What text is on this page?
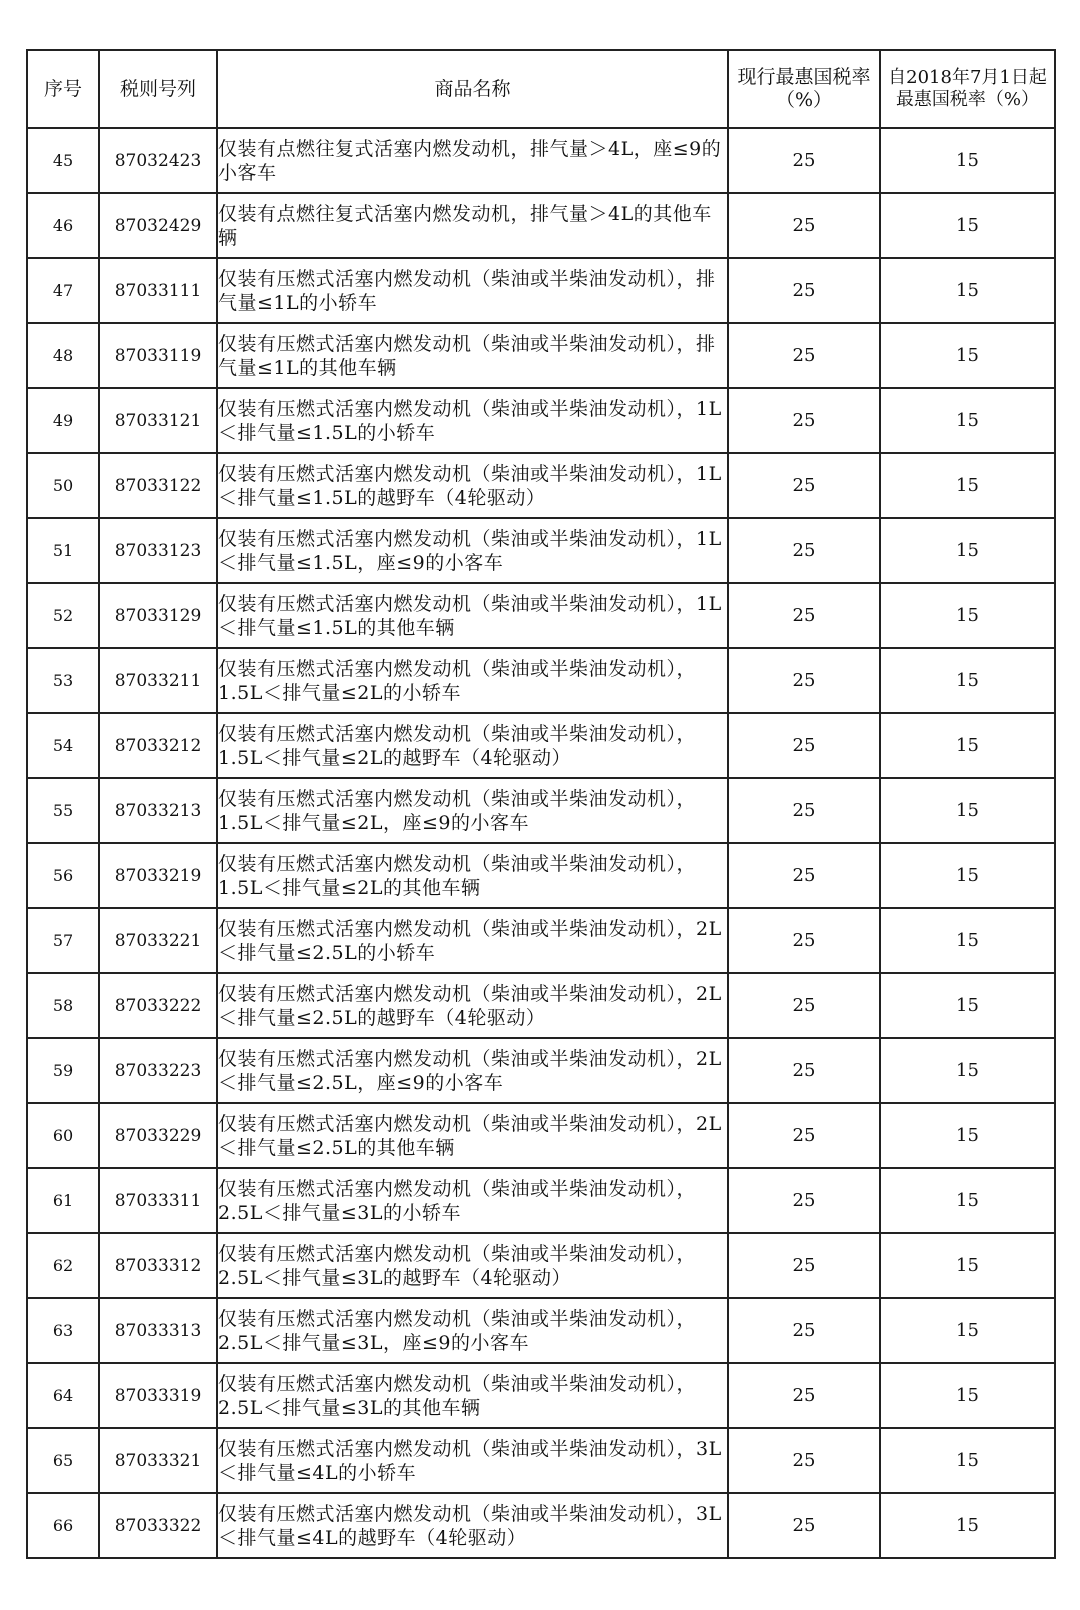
序号	税则号列	商品名称	现行最惠国税率（%）	自2018年7月1日起最惠国税率（%）
45	87032423	仅装有点燃往复式活塞内燃发动机，排气量＞4L，座≤9的小客车	25	15
46	87032429	仅装有点燃往复式活塞内燃发动机，排气量＞4L的其他车辆	25	15
47	87033111	仅装有压燃式活塞内燃发动机（柴油或半柴油发动机），排气量≤1L的小轿车	25	15
48	87033119	仅装有压燃式活塞内燃发动机（柴油或半柴油发动机），排气量≤1L的其他车辆	25	15
49	87033121	仅装有压燃式活塞内燃发动机（柴油或半柴油发动机），1L＜排气量≤1.5L的小轿车	25	15
50	87033122	仅装有压燃式活塞内燃发动机（柴油或半柴油发动机），1L＜排气量≤1.5L的越野车（4轮驱动）	25	15
51	87033123	仅装有压燃式活塞内燃发动机（柴油或半柴油发动机），1L＜排气量≤1.5L，座≤9的小客车	25	15
52	87033129	仅装有压燃式活塞内燃发动机（柴油或半柴油发动机），1L＜排气量≤1.5L的其他车辆	25	15
53	87033211	仅装有压燃式活塞内燃发动机（柴油或半柴油发动机），1.5L＜排气量≤2L的小轿车	25	15
54	87033212	仅装有压燃式活塞内燃发动机（柴油或半柴油发动机），1.5L＜排气量≤2L的越野车（4轮驱动）	25	15
55	87033213	仅装有压燃式活塞内燃发动机（柴油或半柴油发动机），1.5L＜排气量≤2L，座≤9的小客车	25	15
56	87033219	仅装有压燃式活塞内燃发动机（柴油或半柴油发动机），1.5L＜排气量≤2L的其他车辆	25	15
57	87033221	仅装有压燃式活塞内燃发动机（柴油或半柴油发动机），2L＜排气量≤2.5L的小轿车	25	15
58	87033222	仅装有压燃式活塞内燃发动机（柴油或半柴油发动机），2L＜排气量≤2.5L的越野车（4轮驱动）	25	15
59	87033223	仅装有压燃式活塞内燃发动机（柴油或半柴油发动机），2L＜排气量≤2.5L，座≤9的小客车	25	15
60	87033229	仅装有压燃式活塞内燃发动机（柴油或半柴油发动机），2L＜排气量≤2.5L的其他车辆	25	15
61	87033311	仅装有压燃式活塞内燃发动机（柴油或半柴油发动机），2.5L＜排气量≤3L的小轿车	25	15
62	87033312	仅装有压燃式活塞内燃发动机（柴油或半柴油发动机），2.5L＜排气量≤3L的越野车（4轮驱动）	25	15
63	87033313	仅装有压燃式活塞内燃发动机（柴油或半柴油发动机），2.5L＜排气量≤3L，座≤9的小客车	25	15
64	87033319	仅装有压燃式活塞内燃发动机（柴油或半柴油发动机），2.5L＜排气量≤3L的其他车辆	25	15
65	87033321	仅装有压燃式活塞内燃发动机（柴油或半柴油发动机），3L＜排气量≤4L的小轿车	25	15
66	87033322	仅装有压燃式活塞内燃发动机（柴油或半柴油发动机），3L＜排气量≤4L的越野车（4轮驱动）	25	15
